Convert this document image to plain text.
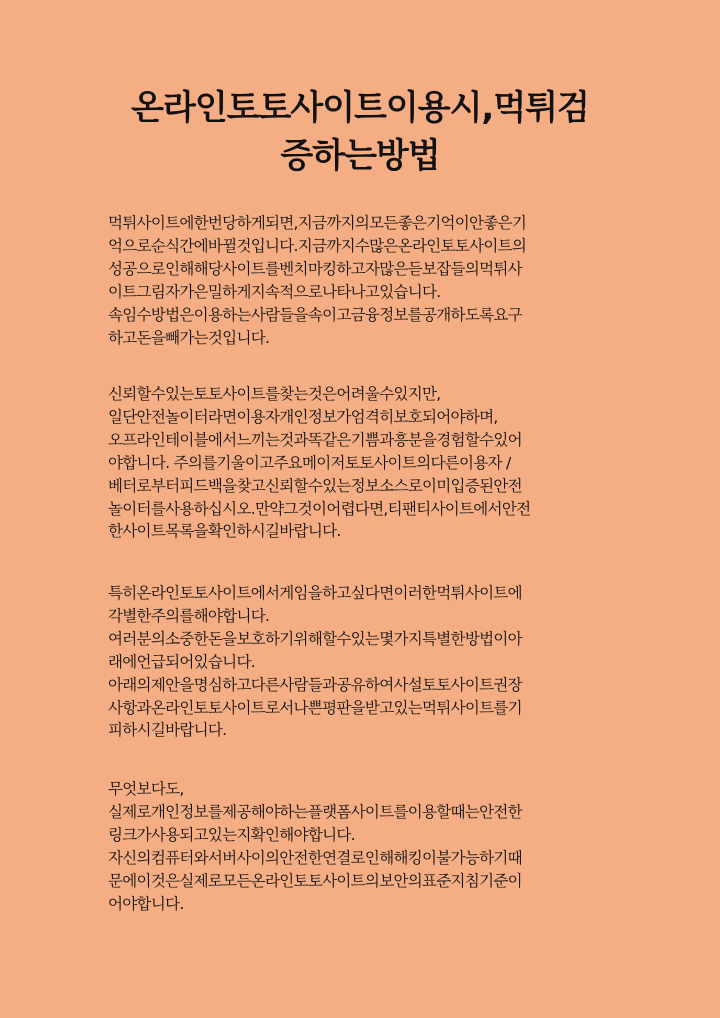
온라인토토사이트이용시,먹튀검
증하는방법
먹튀사이트에한번당하게되면,지금까지의모든좋은기억이안좋은기
억으로순식간에바뀔것입니다.지금까지수많은온라인토토사이트의
성공으로인해해당사이트를벤치마킹하고자많은듣보잡들의먹튀사
이트그림자가은밀하게지속적으로나타나고있습니다.
속임수방법은이용하는사람들을속이고금융정보를공개하도록요구
하고돈을빼가는것입니다.
신뢰할수있는토토사이트를찾는것은어려울수있지만,
일단안전놀이터라면이용자개인정보가엄격히보호되어야하며,
오프라인테이블에서느끼는것과똑같은기쁨과흥분을경험할수있어
야합니다. 주의를기울이고주요메이저토토사이트의다른이용자 /
베터로부터피드백을찾고신뢰할수있는정보소스로이미입증된안전
놀이터를사용하십시오.만약그것이어렵다면,티팬티사이트에서안전
한사이트목록을확인하시길바랍니다.
특히온라인토토사이트에서게임을하고싶다면이러한먹튀사이트에
각별한주의를해야합니다.
여러분의소중한돈을보호하기위해할수있는몇가지특별한방법이아
래에언급되어있습니다.
아래의제안을명심하고다른사람들과공유하여사설토토사이트권장
사항과온라인토토사이트로서나쁜평판을받고있는먹튀사이트를기
피하시길바랍니다.
무엇보다도,
실제로개인정보를제공해야하는플랫폼사이트를이용할때는안전한
링크가사용되고있는지확인해야합니다.
자신의컴퓨터와서버사이의안전한연결로인해해킹이불가능하기때
문에이것은실제로모든온라인토토사이트의보안의표준지침기준이
어야합니다.
